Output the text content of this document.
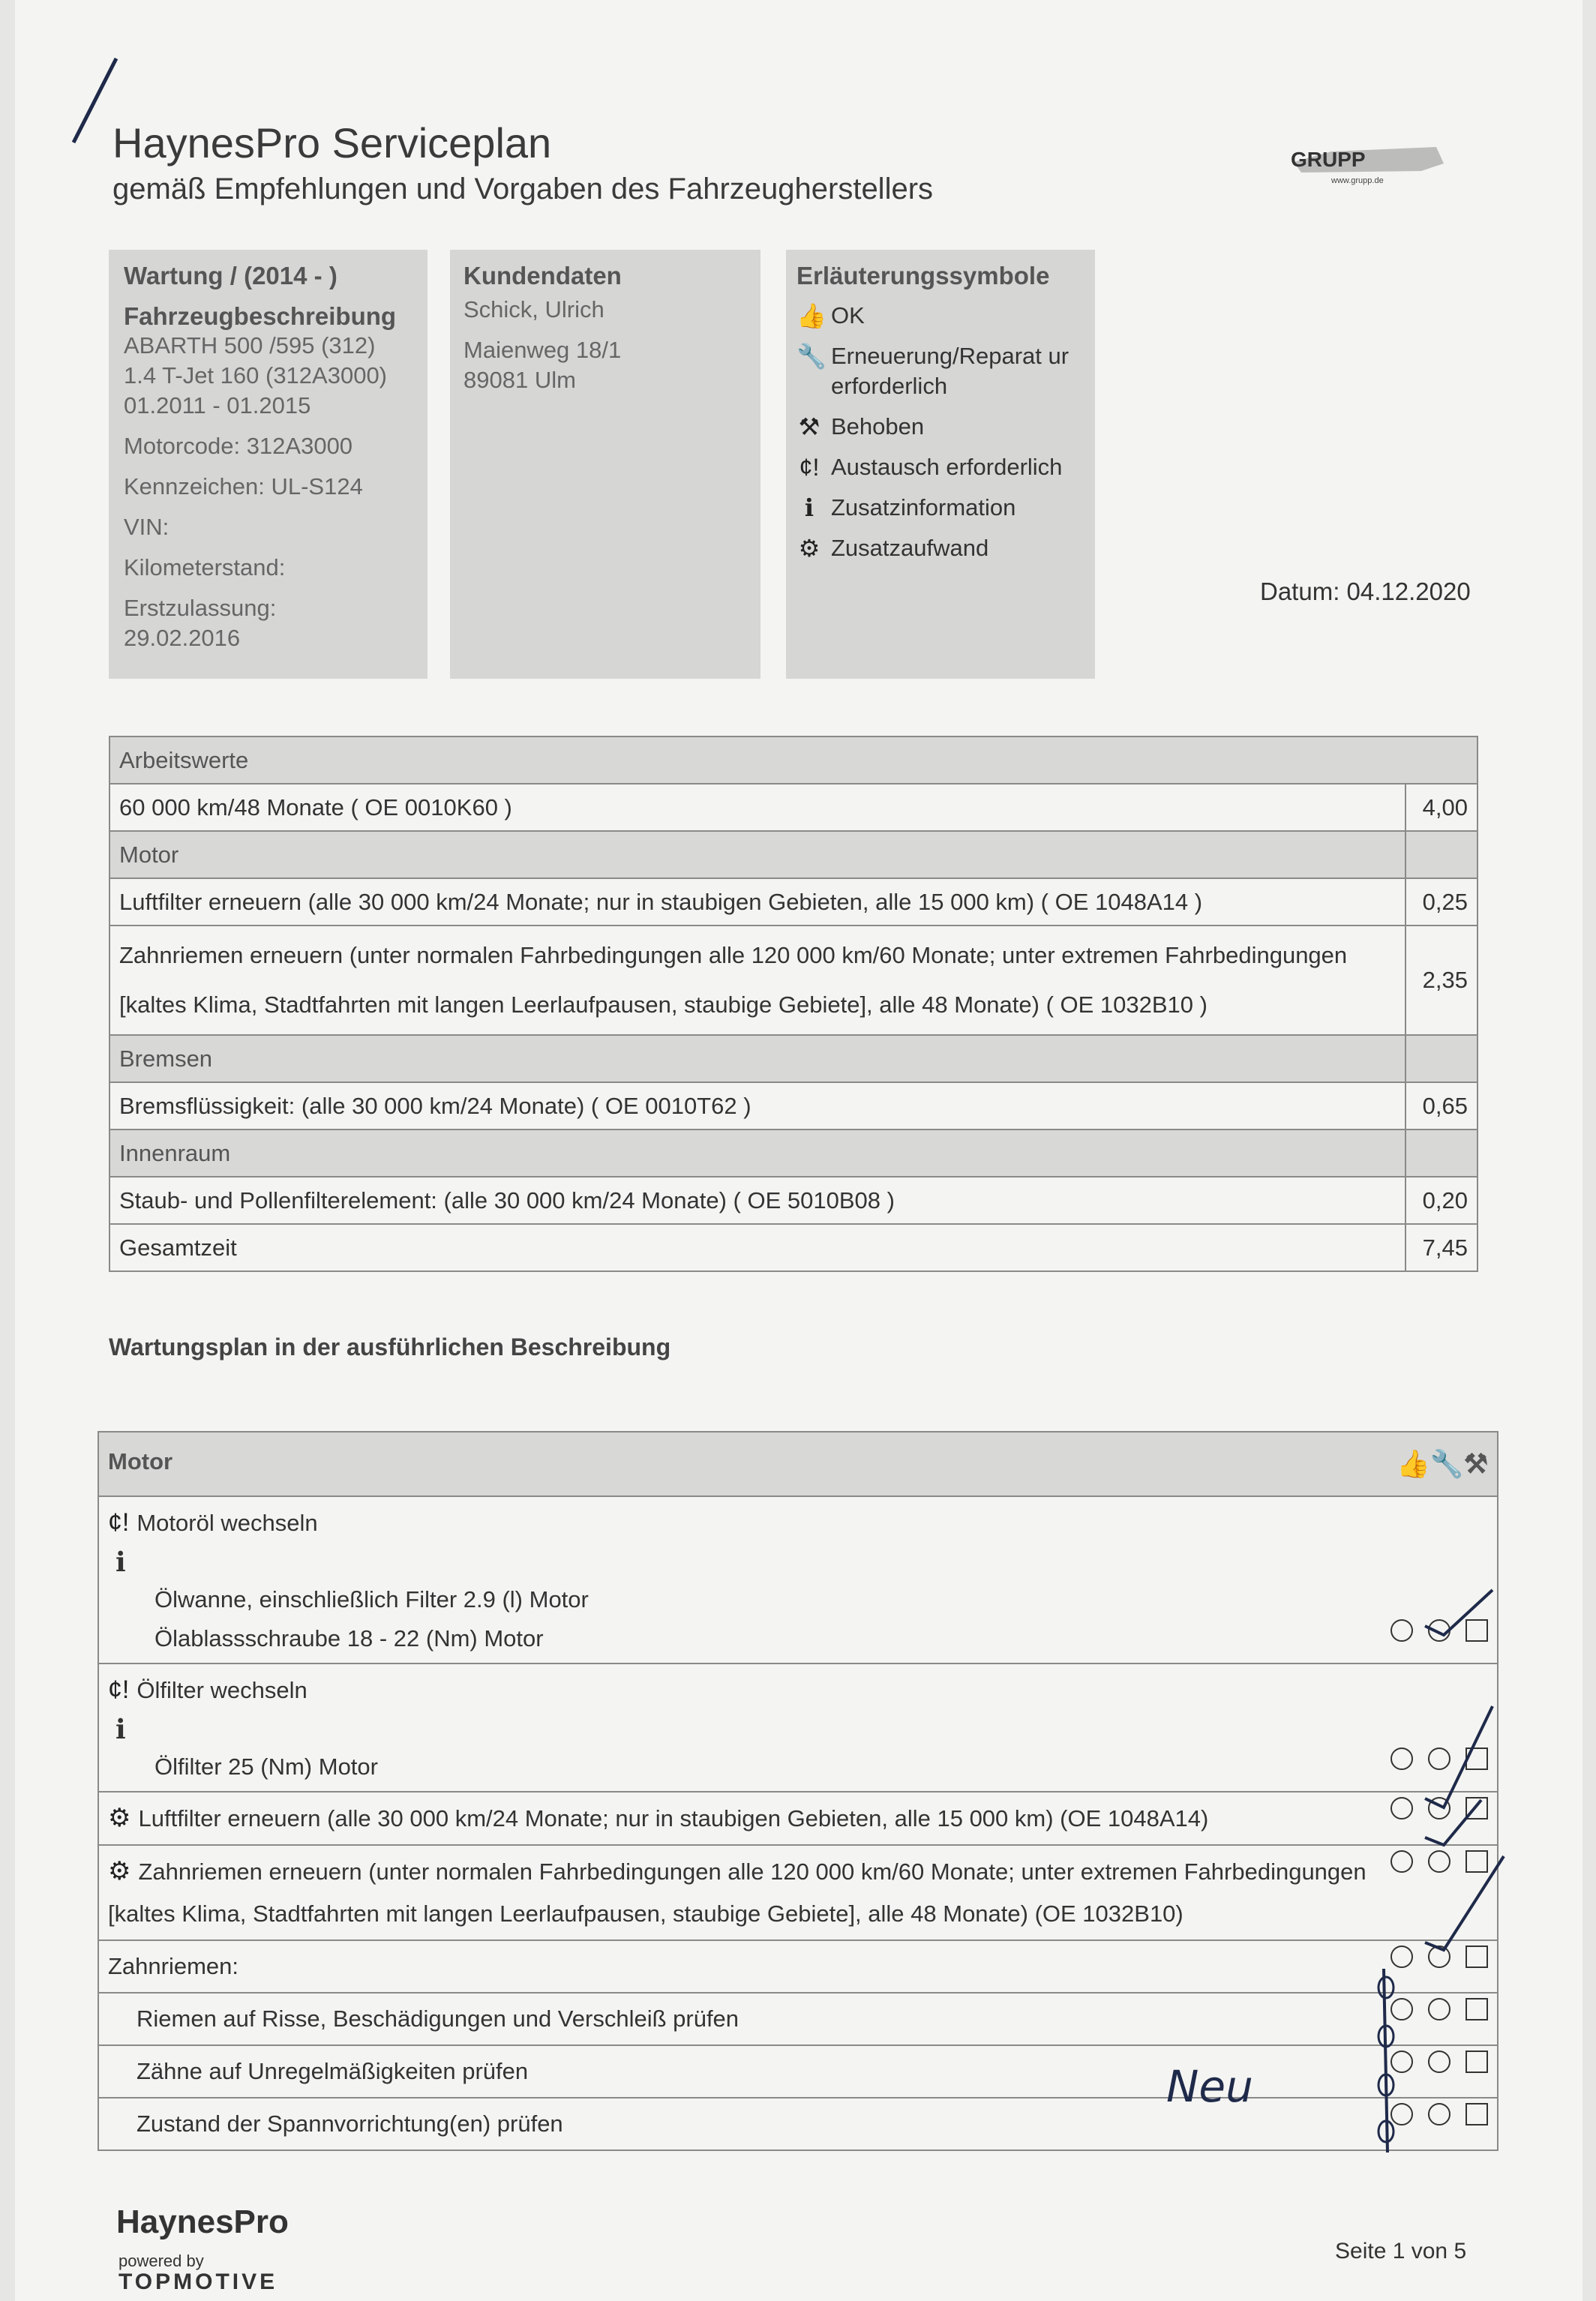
HaynesPro Serviceplan
gemäß Empfehlungen und Vorgaben des Fahrzeugherstellers
GRUPP
www.grupp.de
Wartung / (2014 - )
Fahrzeugbeschreibung
ABARTH 500 /595 (312)
1.4 T-Jet 160 (312A3000)
01.2011 - 01.2015
Motorcode: 312A3000
Kennzeichen: UL-S124
VIN:
Kilometerstand:
Erstzulassung:
29.02.2016
Kundendaten
Schick, Ulrich
Maienweg 18/1
89081 Ulm
Erläuterungssymbole
👍 OK
🔧 Erneuerung/Reparat ur erforderlich
⚒ Behoben
¢! Austausch erforderlich
ℹ Zusatzinformation
⚙ Zusatzaufwand
Datum: 04.12.2020
Arbeitswerte	
60 000 km/48 Monate ( OE 0010K60 )	4,00
Motor	
Luftfilter erneuern (alle 30 000 km/24 Monate; nur in staubigen Gebieten, alle 15 000 km) ( OE 1048A14 )	0,25
Zahnriemen erneuern (unter normalen Fahrbedingungen alle 120 000 km/60 Monate; unter extremen Fahrbedingungen [kaltes Klima, Stadtfahrten mit langen Leerlaufpausen, staubige Gebiete], alle 48 Monate) ( OE 1032B10 )	2,35
Bremsen	
Bremsflüssigkeit: (alle 30 000 km/24 Monate) ( OE 0010T62 )	0,65
Innenraum	
Staub- und Pollenfilterelement: (alle 30 000 km/24 Monate) ( OE 5010B08 )	0,20
Gesamtzeit	7,45
Wartungsplan in der ausführlichen Beschreibung
Motor	👍🔧⚒

¢! Motoröl wechseln
ℹ
Ölwanne, einschließlich Filter 2.9 (l) Motor
Ölablassschraube 18 - 22 (Nm) Motor

¢! Ölfilter wechseln
ℹ
Ölfilter 25 (Nm) Motor

⚙ Luftfilter erneuern (alle 30 000 km/24 Monate; nur in staubigen Gebieten, alle 15 000 km) (OE 1048A14)

⚙ Zahnriemen erneuern (unter normalen Fahrbedingungen alle 120 000 km/60 Monate; unter extremen Fahrbedingungen [kaltes Klima, Stadtfahrten mit langen Leerlaufpausen, staubige Gebiete], alle 48 Monate) (OE 1032B10)

Zahnriemen:

Riemen auf Risse, Beschädigungen und Verschleiß prüfen

Zähne auf Unregelmäßigkeiten prüfen

Zustand der Spannvorrichtung(en) prüfen
Neu
HaynesPro
powered by
TOPMOTIVE
Seite 1 von 5
